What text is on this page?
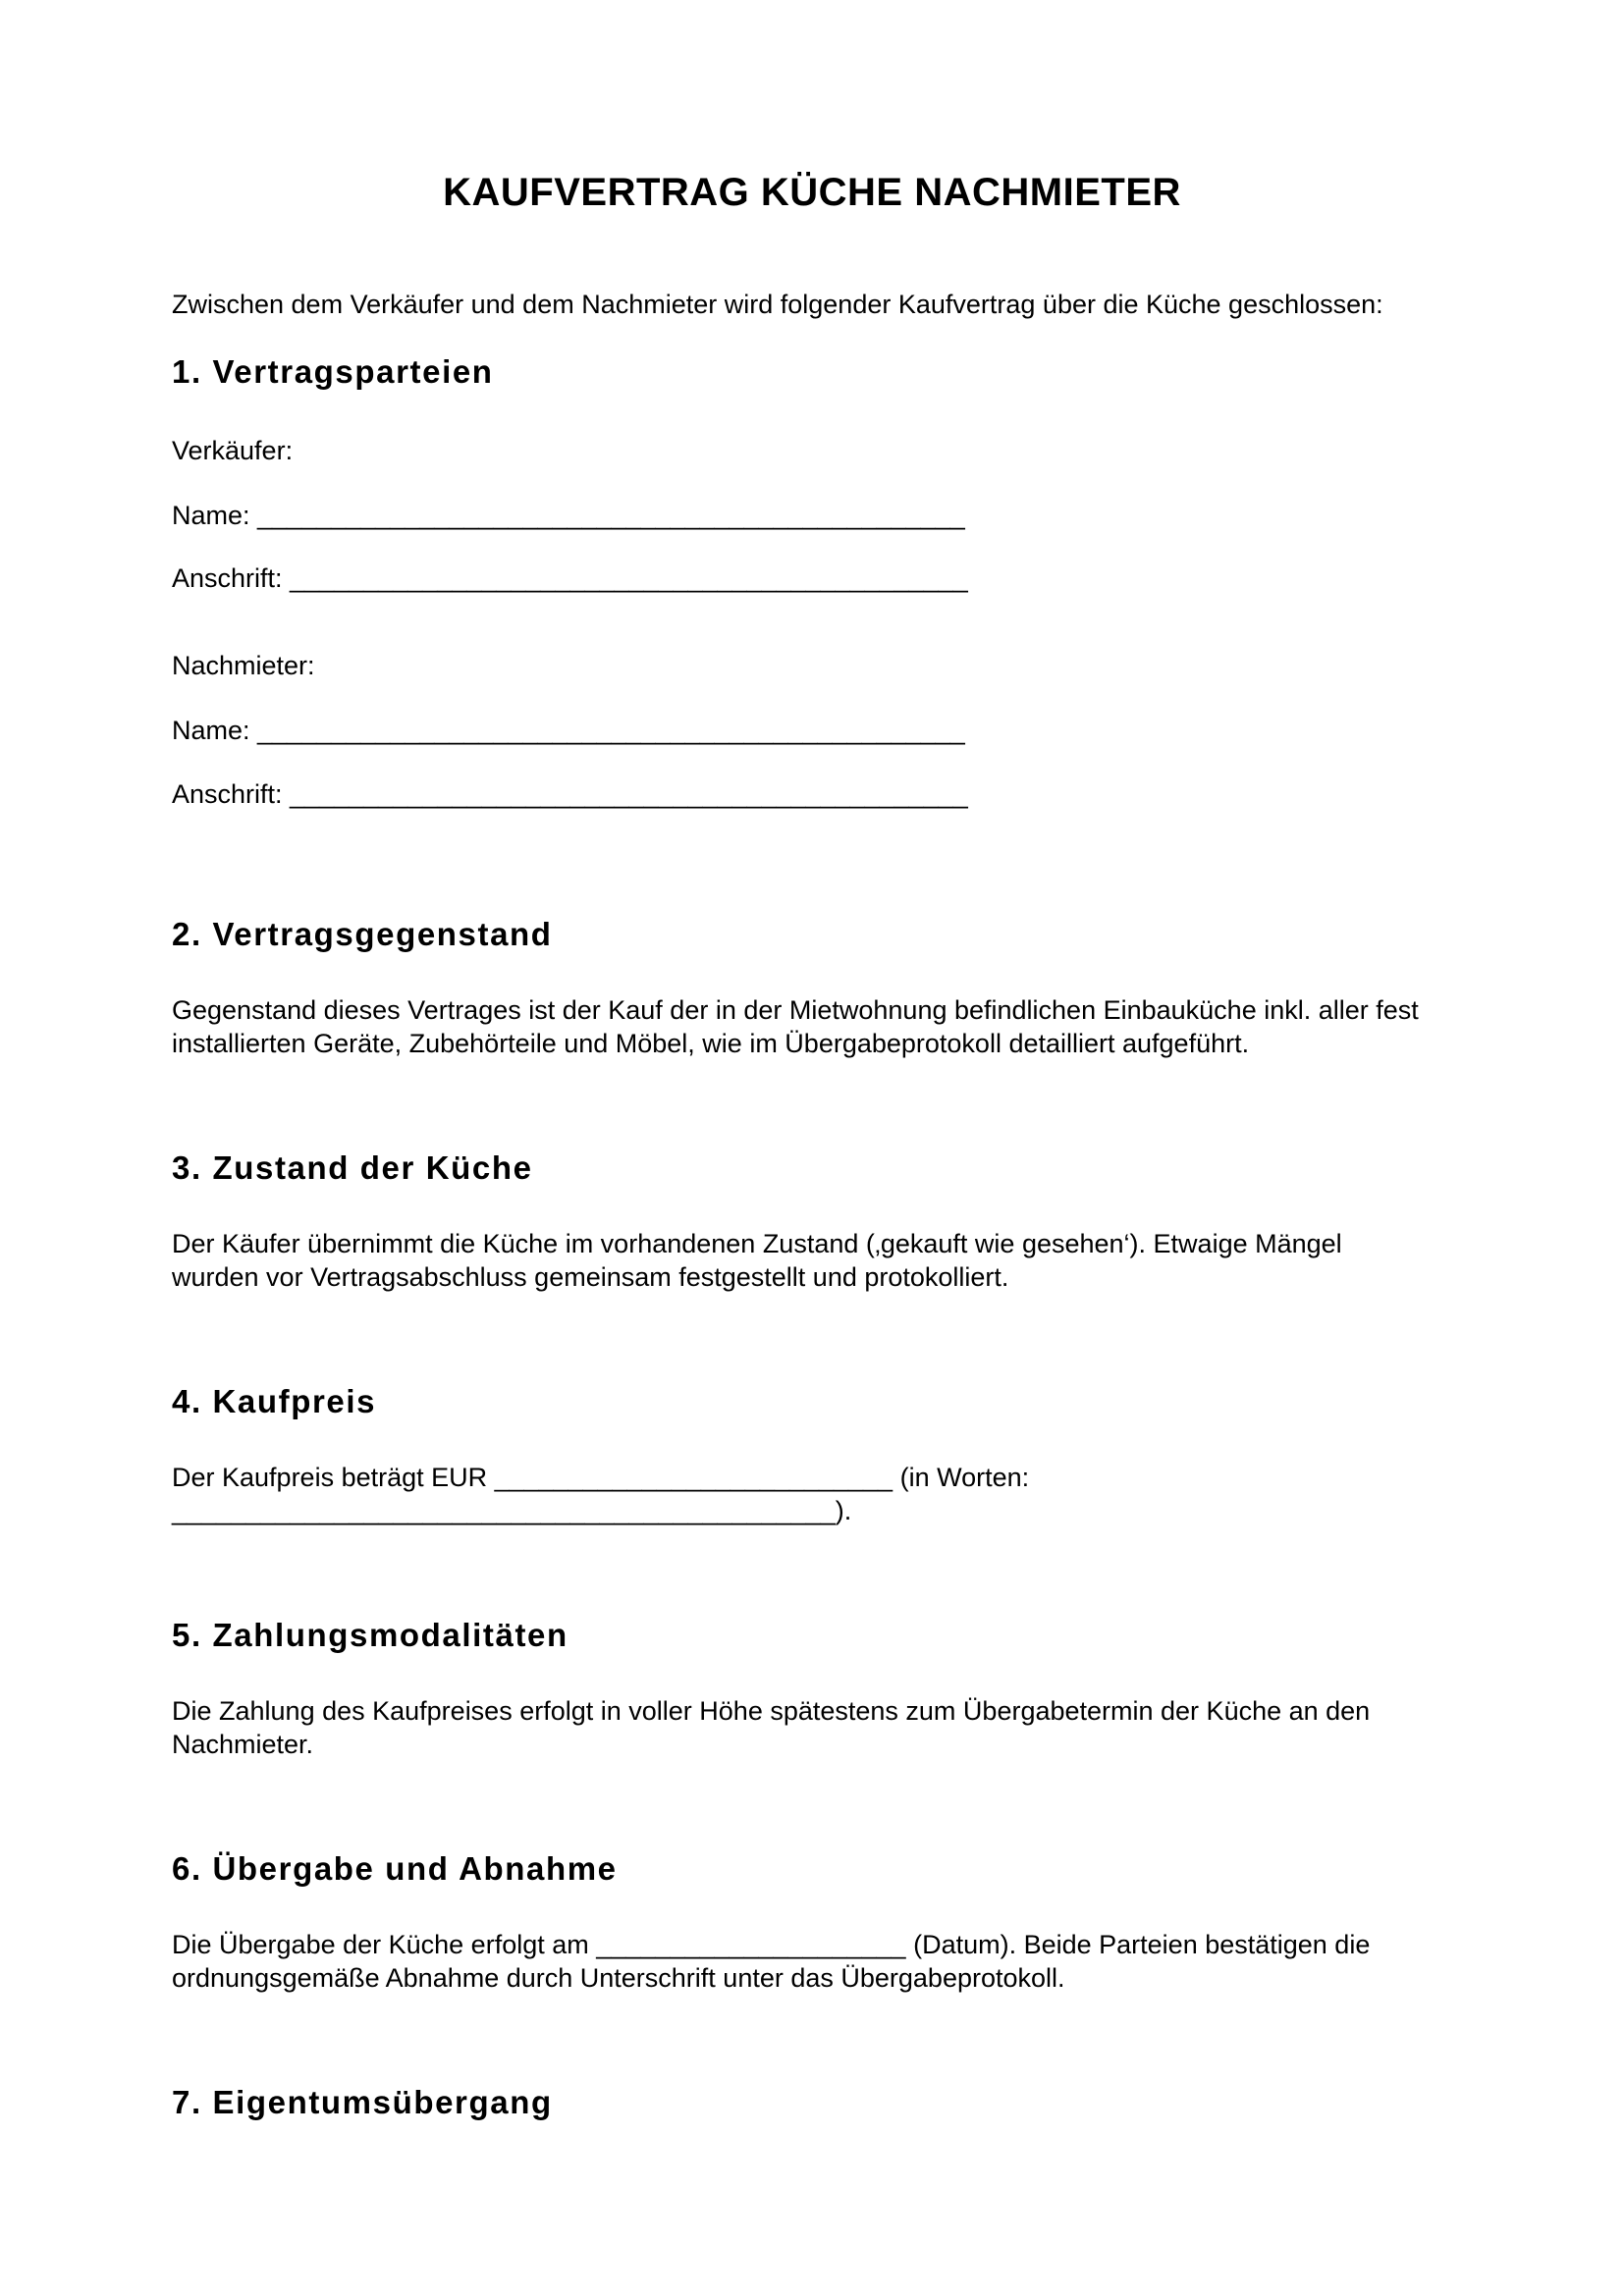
KAUFVERTRAG KÜCHE NACHMIETER

Zwischen dem Verkäufer und dem Nachmieter wird folgender Kaufvertrag über die Küche geschlossen:

1. Vertragsparteien

Verkäufer:

Name: ________________________________________________

Anschrift: ______________________________________________

Nachmieter:

Name: ________________________________________________

Anschrift: ______________________________________________

2. Vertragsgegenstand

Gegenstand dieses Vertrages ist der Kauf der in der Mietwohnung befindlichen Einbauküche inkl. aller fest

installierten Geräte, Zubehörteile und Möbel, wie im Übergabeprotokoll detailliert aufgeführt.

3. Zustand der Küche

Der Käufer übernimmt die Küche im vorhandenen Zustand (‚gekauft wie gesehen‘). Etwaige Mängel

wurden vor Vertragsabschluss gemeinsam festgestellt und protokolliert.

4. Kaufpreis

Der Kaufpreis beträgt EUR ___________________________ (in Worten:

_____________________________________________).

5. Zahlungsmodalitäten

Die Zahlung des Kaufpreises erfolgt in voller Höhe spätestens zum Übergabetermin der Küche an den

Nachmieter.

6. Übergabe und Abnahme

Die Übergabe der Küche erfolgt am _____________________ (Datum). Beide Parteien bestätigen die

ordnungsgemäße Abnahme durch Unterschrift unter das Übergabeprotokoll.

7. Eigentumsübergang
